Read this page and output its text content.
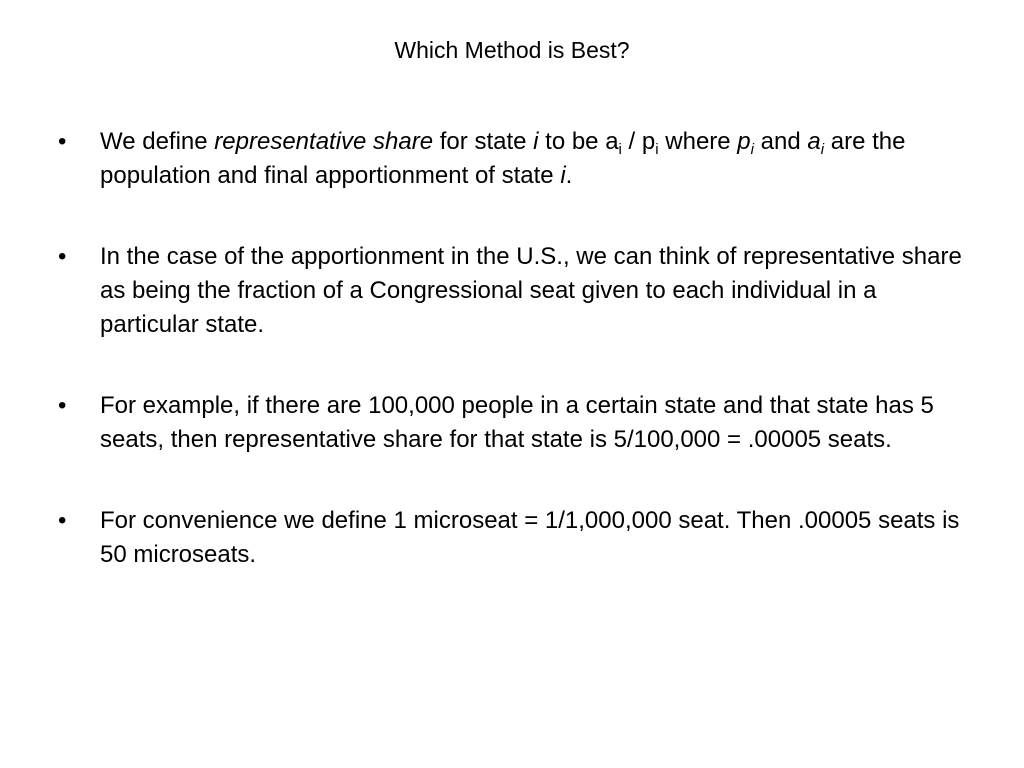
Which Method is Best?
•	We define representative share for state i to be $a_i / p_i$ where $p_i$ and $a_i$ are the population and final apportionment of state i.
•	In the case of the apportionment in the U.S., we can think of representative share as being the fraction of a Congressional seat given to each individual in a particular state.
•	For example, if there are 100,000 people in a certain state and that state has 5 seats, then representative share for that state is 5/100,000 = .00005 seats.
•	For convenience we define 1 microseat = 1/1,000,000 seat. Then .00005 seats is 50 microseats.
